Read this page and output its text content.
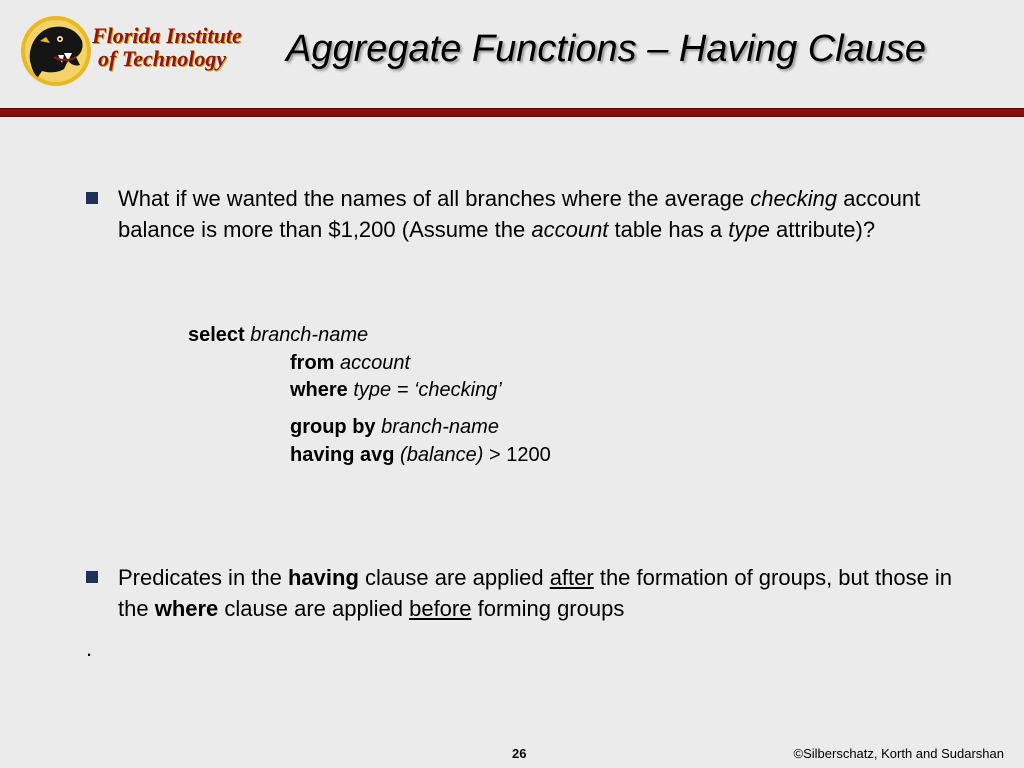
Florida Institute
of Technology	Aggregate Functions – Having Clause
What if we wanted the names of all branches where the average checking account balance is more than $1,200 (Assume the account table has a type attribute)?
select branch-name
from account
where type = ‘checking’
group by branch-name
having avg (balance) > 1200
Predicates in the having clause are applied after the formation of groups, but those in the where clause are applied before forming groups
.
26	©Silberschatz, Korth and Sudarshan
